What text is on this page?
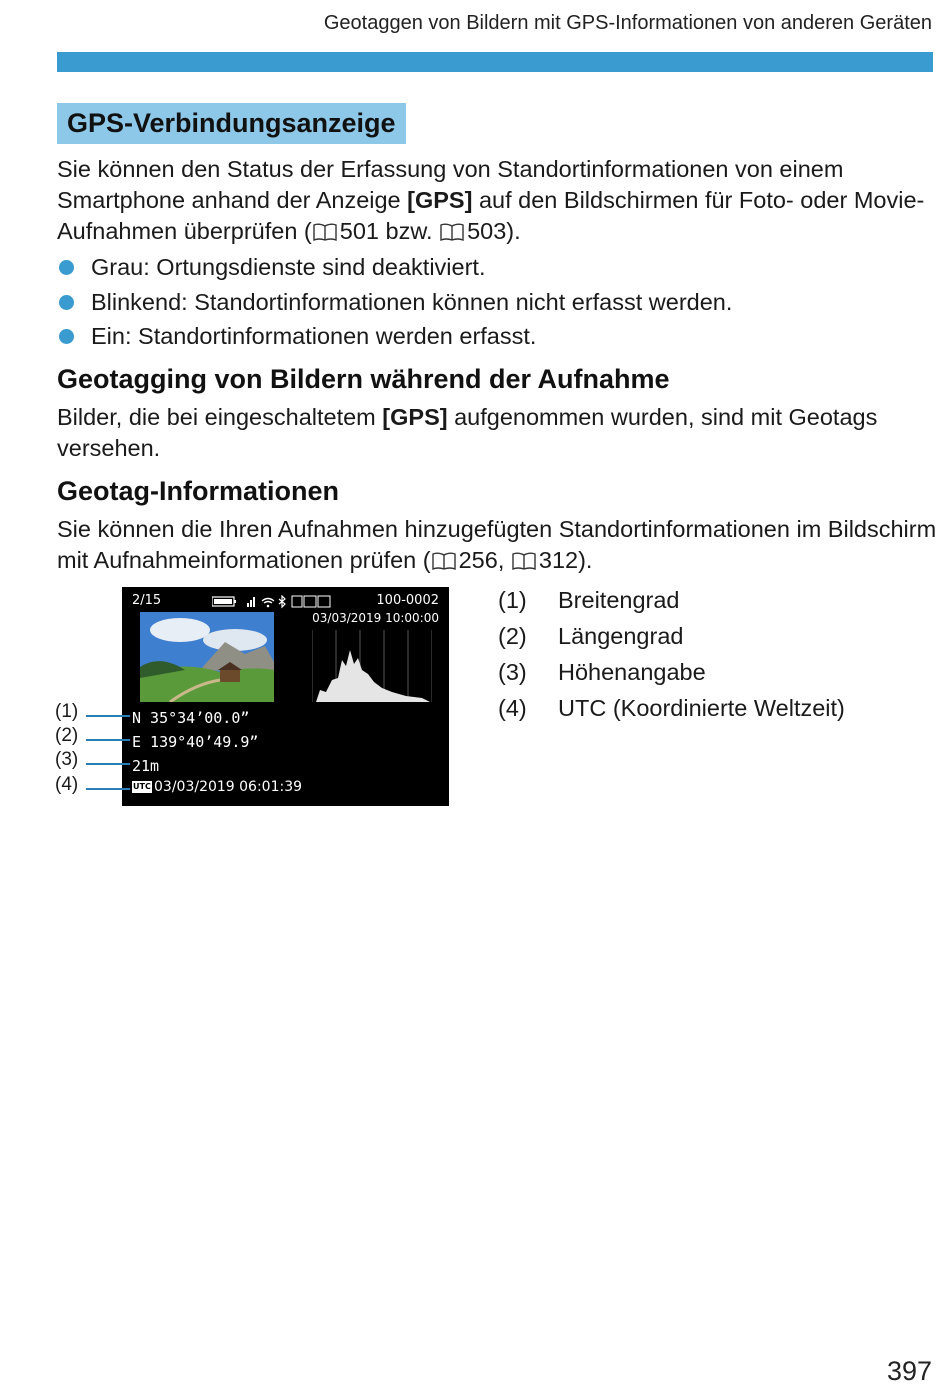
Geotaggen von Bildern mit GPS-Informationen von anderen Geräten
GPS-Verbindungsanzeige

Sie können den Status der Erfassung von Standortinformationen von einem Smartphone anhand der Anzeige [GPS] auf den Bildschirmen für Foto- oder Movie-Aufnahmen überprüfen ( 501 bzw. 503).

Grau: Ortungsdienste sind deaktiviert.
Blinkend: Standortinformationen können nicht erfasst werden.
Ein: Standortinformationen werden erfasst.
Geotagging von Bildern während der Aufnahme

Bilder, die bei eingeschaltetem [GPS] aufgenommen wurden, sind mit Geotags versehen.

Geotag-Informationen

Sie können die Ihren Aufnahmen hinzugefügten Standortinformationen im Bildschirm mit Aufnahmeinformationen prüfen ( 256, 312).

2/15	100-0002
03/03/2019 10:00:00
N 35°34’00.0”
E 139°40’49.9”
21m
UTC 03/03/2019 06:01:39
(1)
(2)
(3)
(4)
(1) Breitengrad
(2) Längengrad
(3) Höhenangabe
(4) UTC (Koordinierte Weltzeit)
397
